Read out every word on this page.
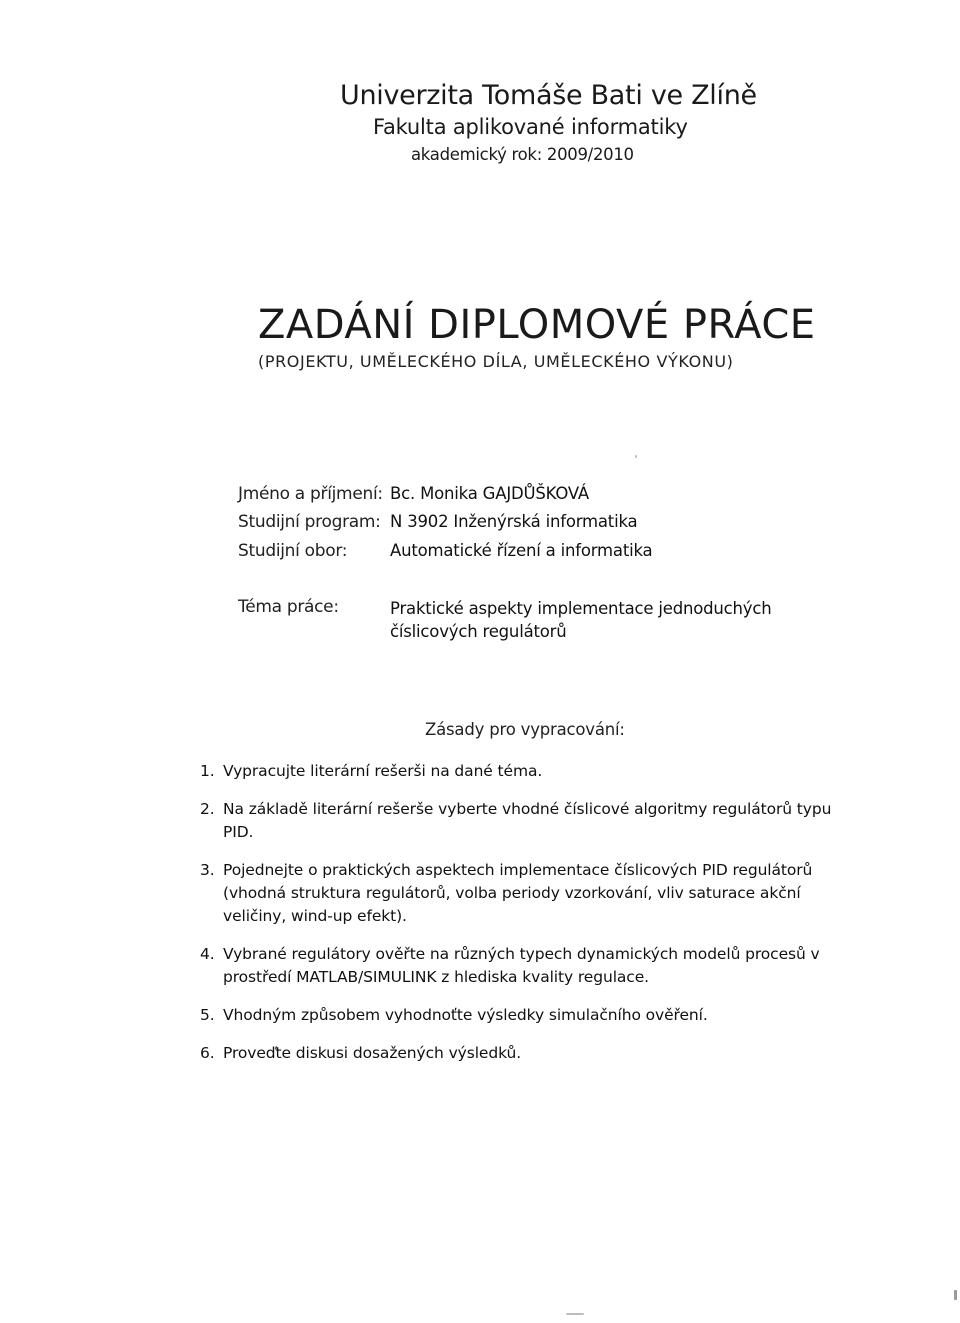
Univerzita Tomáše Bati ve Zlíně
Fakulta aplikované informatiky
akademický rok: 2009/2010
ZADÁNÍ DIPLOMOVÉ PRÁCE
(PROJEKTU, UMĚLECKÉHO DÍLA, UMĚLECKÉHO VÝKONU)
Jméno a příjmení: Bc. Monika GAJDŮŠKOVÁ
Studijní program: N 3902 Inženýrská informatika
Studijní obor:	Automatické řízení a informatika
Téma práce:	Praktické aspekty implementace jednoduchých číslicových regulátorů
Zásady pro vypracování:
1. Vypracujte literární rešerši na dané téma.
2. Na základě literární rešerše vyberte vhodné číslicové algoritmy regulátorů typu PID.
3. Pojednejte o praktických aspektech implementace číslicových PID regulátorů (vhodná struktura regulátorů, volba periody vzorkování, vliv saturace akční veličiny, wind-up efekt).
4. Vybrané regulátory ověřte na různých typech dynamických modelů procesů v prostředí MATLAB/SIMULINK z hlediska kvality regulace.
5. Vhodným způsobem vyhodnoťte výsledky simulačního ověření.
6. Proveďte diskusi dosažených výsledků.
